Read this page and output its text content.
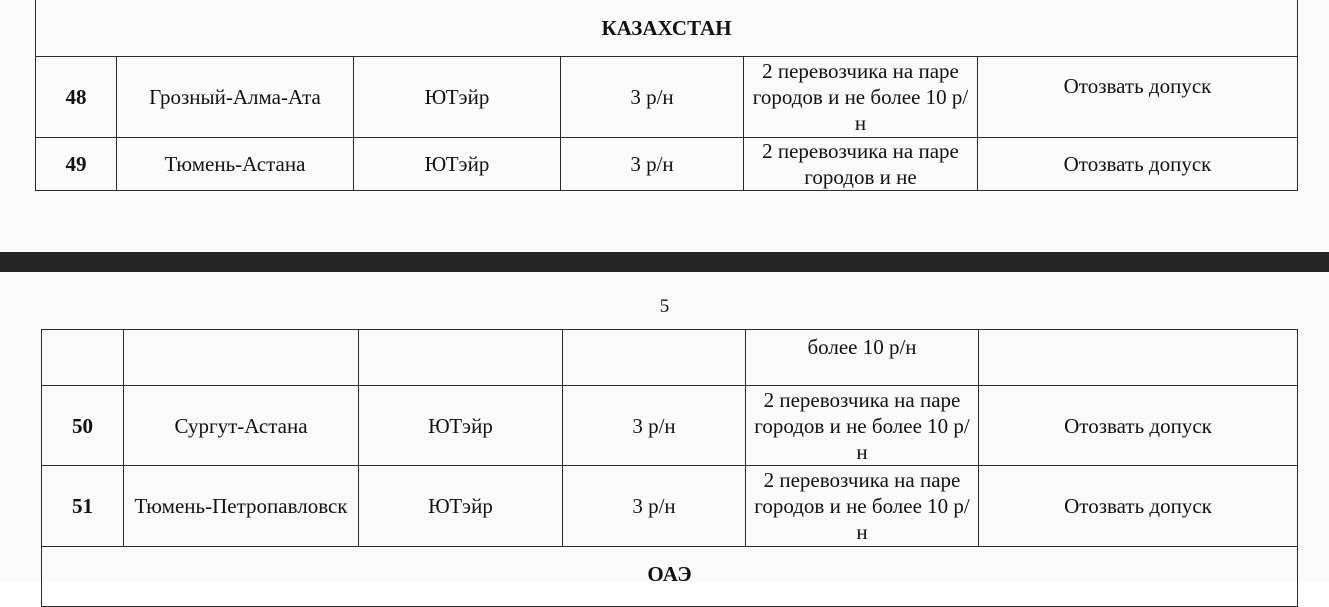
КАЗАХСТАН					
48	Грозный-Алма-Ата	ЮТэйр	3 р/н	2 перевозчика на паре городов и не более 10 р/н	Отозвать допуск

49	Тюмень-Астана	ЮТэйр	3 р/н	2 перевозчика на паре городов и не	Отозвать допуск
5
				более 10 р/н	
50	Сургут-Астана	ЮТэйр	3 р/н	2 перевозчика на паре городов и не более 10 р/н	Отозвать допуск
51	Тюмень-Петропавловск	ЮТэйр	3 р/н	2 перевозчика на паре городов и не более 10 р/н	Отозвать допуск

ОАЭ					
